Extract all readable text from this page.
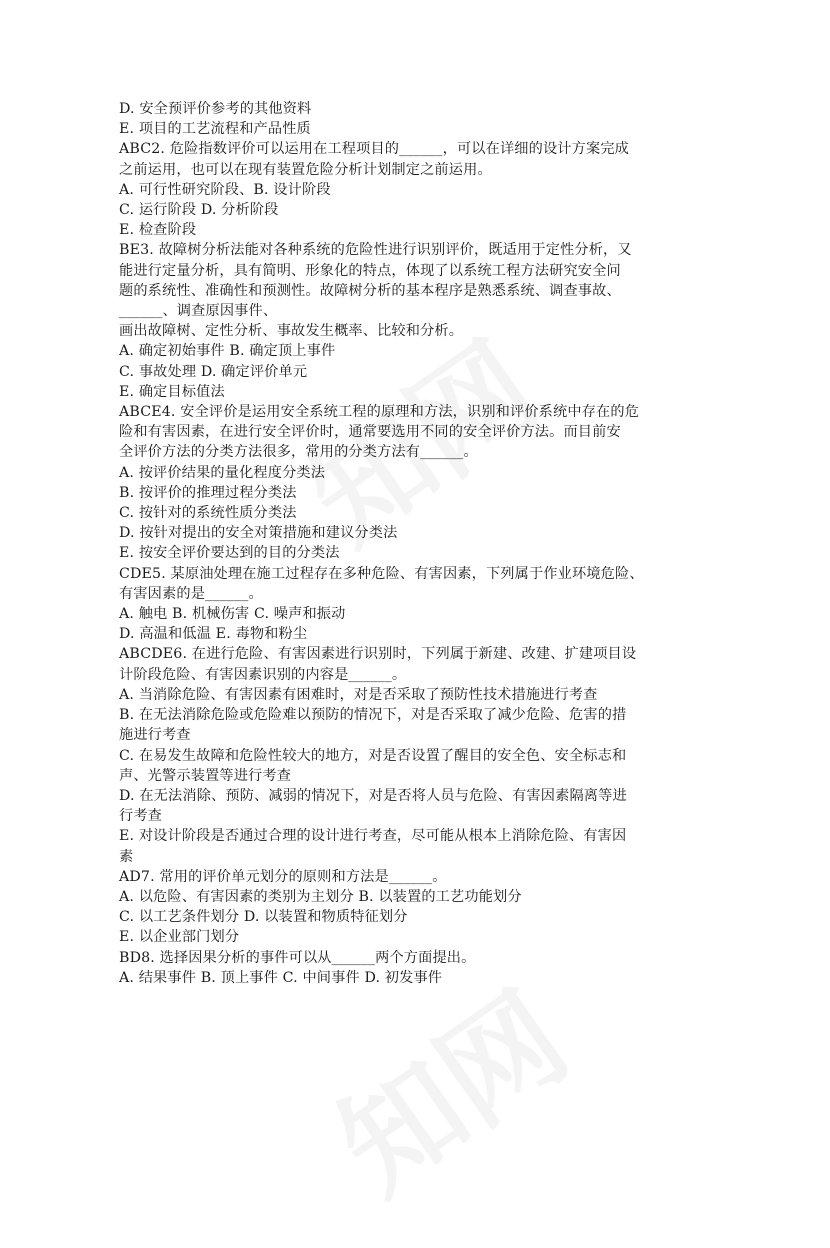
D. 安全预评价参考的其他资料
E. 项目的工艺流程和产品性质
ABC2. 危险指数评价可以运用在工程项目的______，可以在详细的设计方案完成
之前运用，也可以在现有装置危险分析计划制定之前运用。
A. 可行性研究阶段、B. 设计阶段
C. 运行阶段 D. 分析阶段
E. 检查阶段
BE3. 故障树分析法能对各种系统的危险性进行识别评价，既适用于定性分析，又
能进行定量分析，具有简明、形象化的特点，体现了以系统工程方法研究安全问
题的系统性、准确性和预测性。故障树分析的基本程序是熟悉系统、调查事故、
______、调查原因事件、
画出故障树、定性分析、事故发生概率、比较和分析。
A. 确定初始事件 B. 确定顶上事件
C. 事故处理 D. 确定评价单元
E. 确定目标值法
ABCE4. 安全评价是运用安全系统工程的原理和方法，识别和评价系统中存在的危
险和有害因素，在进行安全评价时，通常要选用不同的安全评价方法。而目前安
全评价方法的分类方法很多，常用的分类方法有______。
A. 按评价结果的量化程度分类法
B. 按评价的推理过程分类法
C. 按针对的系统性质分类法
D. 按针对提出的安全对策措施和建议分类法
E. 按安全评价要达到的目的分类法
CDE5. 某原油处理在施工过程存在多种危险、有害因素，下列属于作业环境危险、
有害因素的是______。
A. 触电 B. 机械伤害 C. 噪声和振动
D. 高温和低温 E. 毒物和粉尘
ABCDE6. 在进行危险、有害因素进行识别时，下列属于新建、改建、扩建项目设
计阶段危险、有害因素识别的内容是______。
A. 当消除危险、有害因素有困难时，对是否采取了预防性技术措施进行考查
B. 在无法消除危险或危险难以预防的情况下，对是否采取了减少危险、危害的措
施进行考查
C. 在易发生故障和危险性较大的地方，对是否设置了醒目的安全色、安全标志和
声、光警示装置等进行考查
D. 在无法消除、预防、减弱的情况下，对是否将人员与危险、有害因素隔离等进
行考查
E. 对设计阶段是否通过合理的设计进行考查，尽可能从根本上消除危险、有害因
素
AD7. 常用的评价单元划分的原则和方法是______。
A. 以危险、有害因素的类别为主划分 B. 以装置的工艺功能划分
C. 以工艺条件划分 D. 以装置和物质特征划分
E. 以企业部门划分
BD8. 选择因果分析的事件可以从______两个方面提出。
A. 结果事件 B. 顶上事件 C. 中间事件 D. 初发事件
